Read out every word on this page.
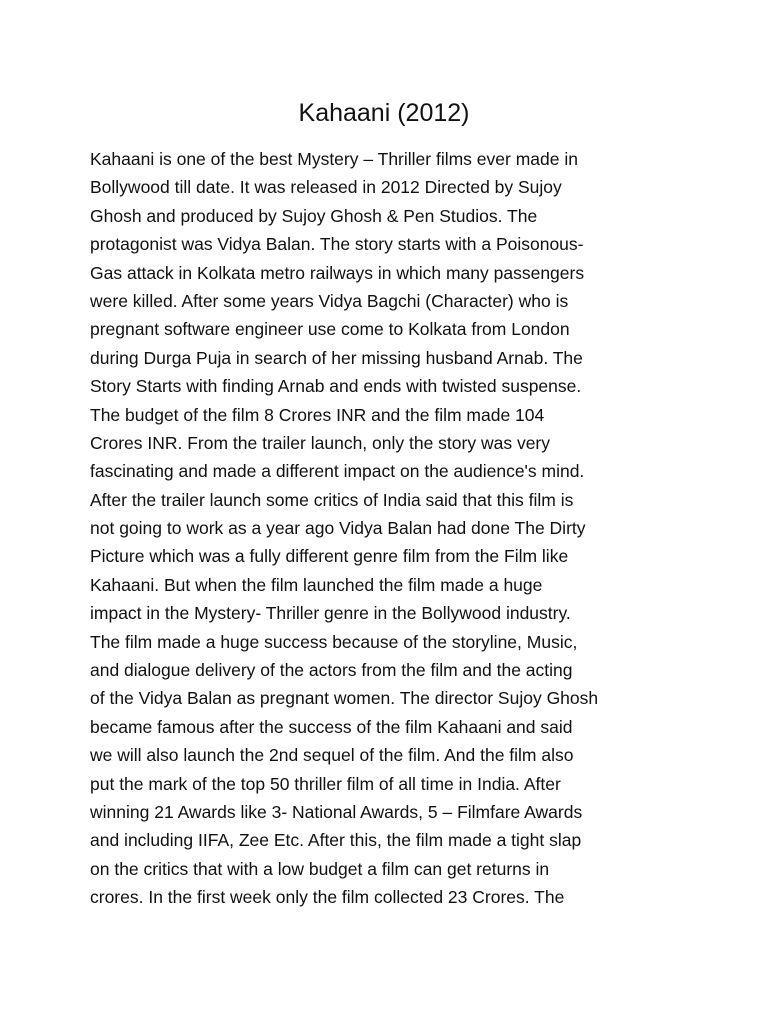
Kahaani (2012)

Kahaani is one of the best Mystery – Thriller films ever made in
Bollywood till date. It was released in 2012 Directed by Sujoy
Ghosh and produced by Sujoy Ghosh & Pen Studios. The
protagonist was Vidya Balan. The story starts with a Poisonous-
Gas attack in Kolkata metro railways in which many passengers
were killed. After some years Vidya Bagchi (Character) who is
pregnant software engineer use come to Kolkata from London
during Durga Puja in search of her missing husband Arnab. The
Story Starts with finding Arnab and ends with twisted suspense.
The budget of the film 8 Crores INR and the film made 104
Crores INR. From the trailer launch, only the story was very
fascinating and made a different impact on the audience's mind.
After the trailer launch some critics of India said that this film is
not going to work as a year ago Vidya Balan had done The Dirty
Picture which was a fully different genre film from the Film like
Kahaani. But when the film launched the film made a huge
impact in the Mystery- Thriller genre in the Bollywood industry.
The film made a huge success because of the storyline, Music,
and dialogue delivery of the actors from the film and the acting
of the Vidya Balan as pregnant women. The director Sujoy Ghosh
became famous after the success of the film Kahaani and said
we will also launch the 2nd sequel of the film. And the film also
put the mark of the top 50 thriller film of all time in India. After
winning 21 Awards like 3- National Awards, 5 – Filmfare Awards
and including IIFA, Zee Etc. After this, the film made a tight slap
on the critics that with a low budget a film can get returns in
crores. In the first week only the film collected 23 Crores. The
